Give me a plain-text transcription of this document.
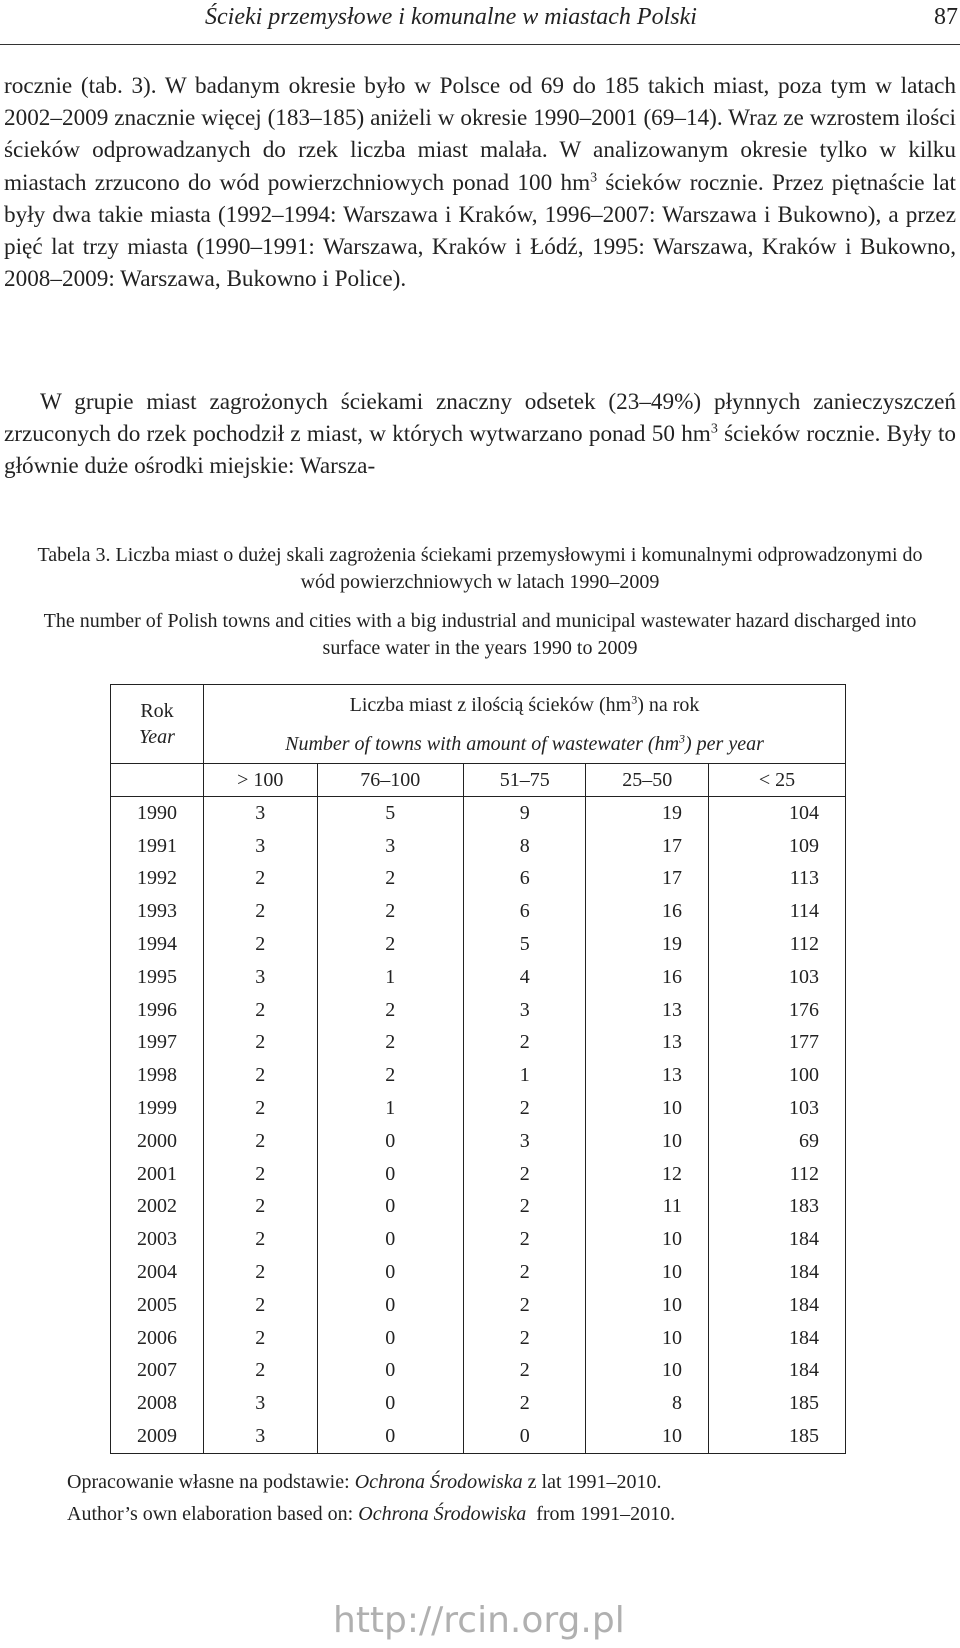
Ścieki przemysłowe i komunalne w miastach Polski	87

rocznie (tab. 3). W badanym okresie było w Polsce od 69 do 185 takich miast, poza tym w latach 2002–2009 znacznie więcej (183–185) aniżeli w okresie 1990–2001 (69–14). Wraz ze wzrostem ilości ścieków odprowadzanych do rzek liczba miast malała. W analizowanym okresie tylko w kilku miastach zrzucono do wód powierzchniowych ponad 100 $hm^3$ ścieków rocznie. Przez piętnaście lat były dwa takie miasta (1992–1994: Warszawa i Kraków, 1996–2007: Warszawa i Bukowno), a przez pięć lat trzy miasta (1990–1991: Warszawa, Kraków i Łódź, 1995: Warszawa, Kraków i Bukowno, 2008–2009: Warszawa, Bukowno i Police).

W grupie miast zagrożonych ściekami znaczny odsetek (23–49%) płynnych zanieczyszczeń zrzuconych do rzek pochodził z miast, w których wytwarzano ponad 50 $hm^3$ ścieków rocznie. Były to głównie duże ośrodki miejskie: Warsza-

Tabela 3. Liczba miast o dużej skali zagrożenia ściekami przemysłowymi i komunalnymi odprowadzonymi do wód powierzchniowych w latach 1990–2009

The number of Polish towns and cities with a big industrial and municipal wastewater hazard discharged into surface water in the years 1990 to 2009

Rok
Year	Liczba miast z ilością ścieków $(hm^3)$ na rok				
	Number of towns with amount of wastewater $(hm^3)$ per year				
	> 100	76–100	51–75	25–50	< 25
1990	3	5	9	19	104
1991	3	3	8	17	109
1992	2	2	6	17	113
1993	2	2	6	16	114
1994	2	2	5	19	112
1995	3	1	4	16	103
1996	2	2	3	13	176
1997	2	2	2	13	177
1998	2	2	1	13	100
1999	2	1	2	10	103
2000	2	0	3	10	69
2001	2	0	2	12	112
2002	2	0	2	11	183
2003	2	0	2	10	184
2004	2	0	2	10	184
2005	2	0	2	10	184
2006	2	0	2	10	184
2007	2	0	2	10	184
2008	3	0	2	8	185
2009	3	0	0	10	185

Opracowanie własne na podstawie: Ochrona Środowiska z lat 1991–2010.

Author’s own elaboration based on: Ochrona Środowiska  from 1991–2010.

http://rcin.org.pl
